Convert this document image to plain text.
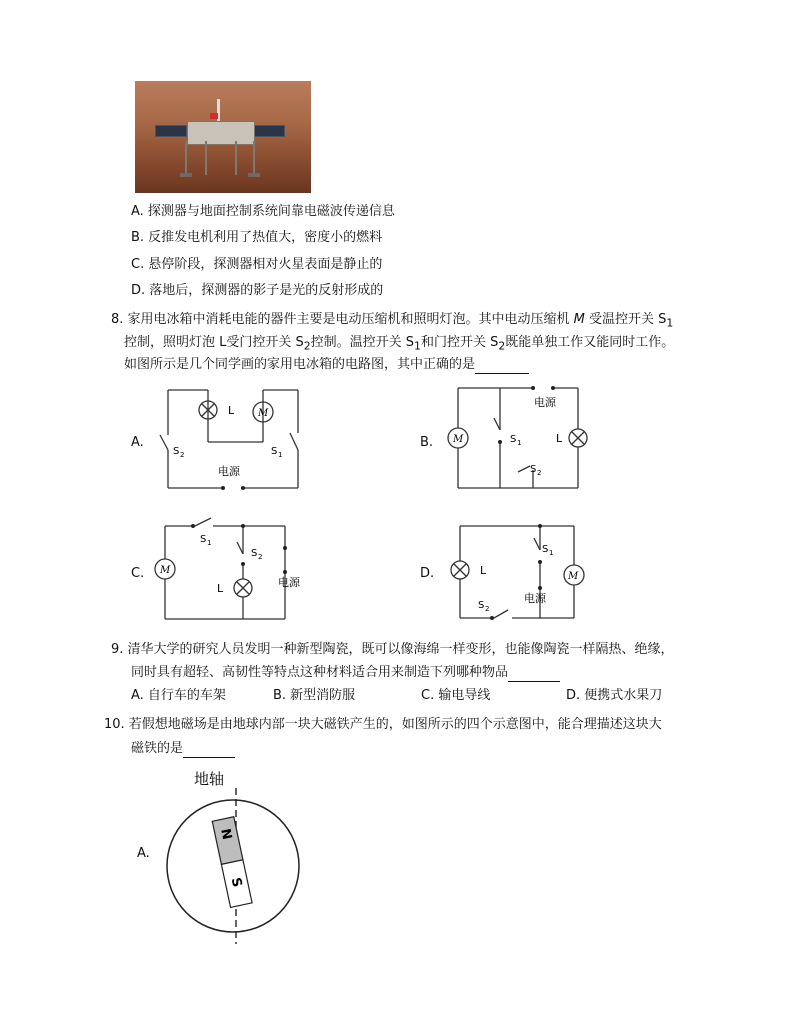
A. 探测器与地面控制系统间靠电磁波传递信息
B. 反推发电机利用了热值大，密度小的燃料
C. 悬停阶段，探测器相对火星表面是静止的
D. 落地后，探测器的影子是光的反射形成的
8. 家用电冰箱中消耗电能的器件主要是电动压缩机和照明灯泡。其中电动压缩机 M 受温控开关 $S_1$
控制，照明灯泡 L受门控开关 $S_2$控制。温控开关 $S_1$和门控开关 $S_2$既能单独工作又能同时工作。
如图所示是几个同学画的家用电冰箱的电路图，其中正确的是
L M
S 2	S 1
电源
A.	M	L
S 1
S 2
电源
B.
M
S 1
S 2
L	电源
C.	L	M
S 1
S 2
电源
D.
9. 清华大学的研究人员发明一种新型陶瓷，既可以像海绵一样变形，也能像陶瓷一样隔热、绝缘，
同时具有超轻、高韧性等特点这种材料适合用来制造下列哪种物品
A. 自行车的车架	B. 新型消防服	C. 输电导线	D. 便携式水果刀
10. 若假想地磁场是由地球内部一块大磁铁产生的，如图所示的四个示意图中，能合理描述这块大
磁铁的是
A.
地轴
N
S
